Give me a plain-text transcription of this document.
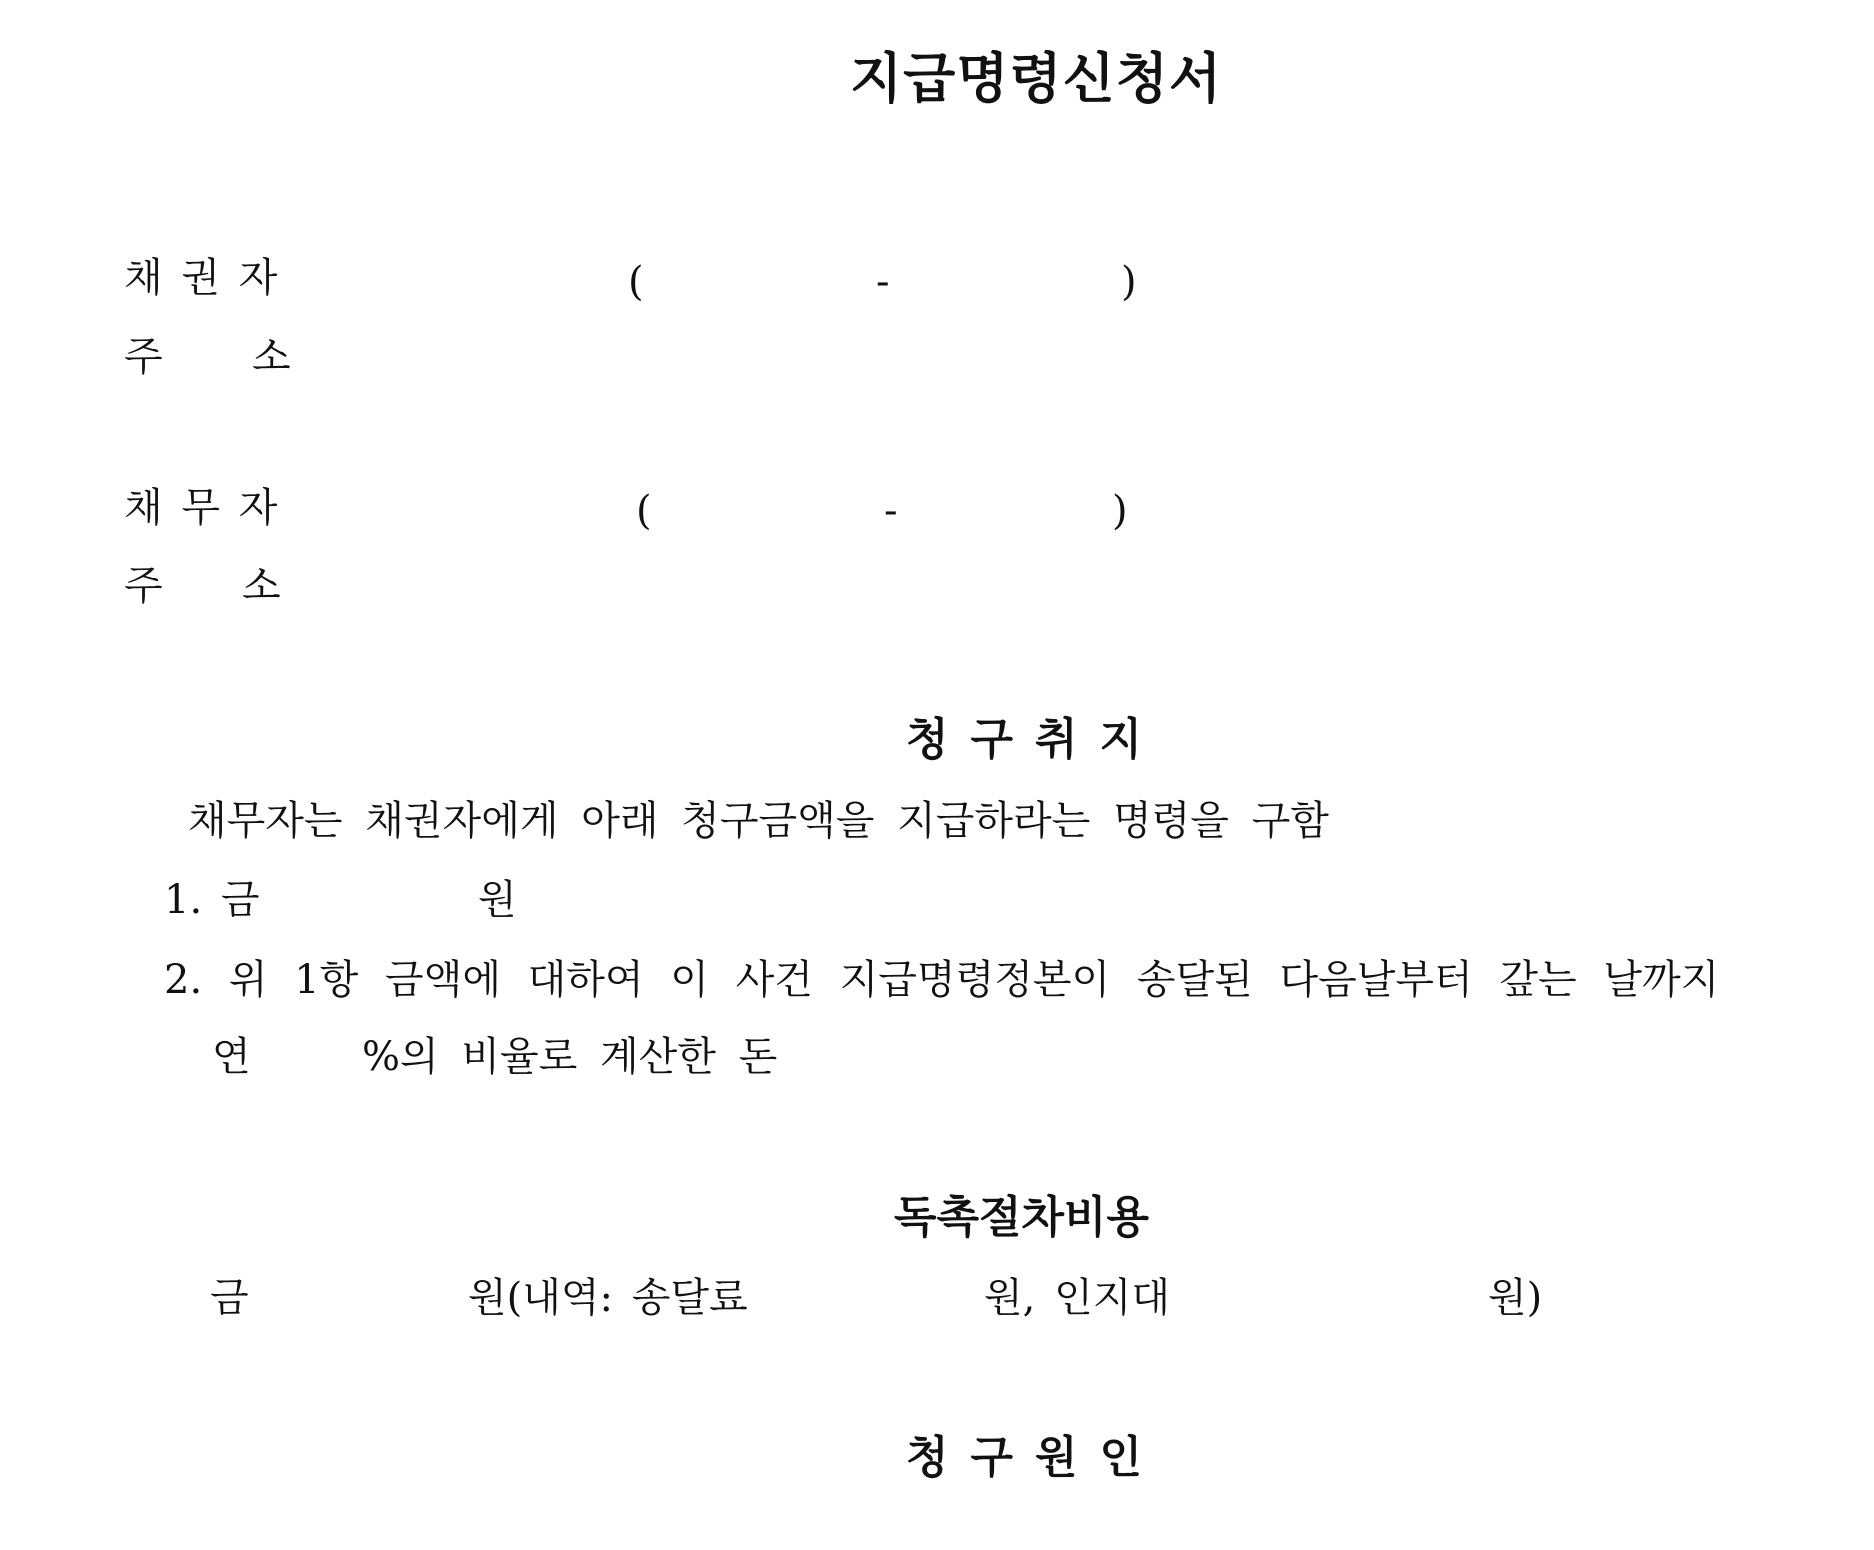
지급명령신청서
채 권 자	(	-	)
주 소
채 무 자	(	-	)
주 소
청구취지
채무자는 채권자에게 아래 청구금액을 지급하라는 명령을 구함
1. 금	원
2. 위 1항 금액에 대하여 이 사건 지급명령정본이 송달된 다음날부터 갚는 날까지
연	%의 비율로 계산한 돈
독촉절차비용
금	원(내역: 송달료	원, 인지대	원)
청구원인
